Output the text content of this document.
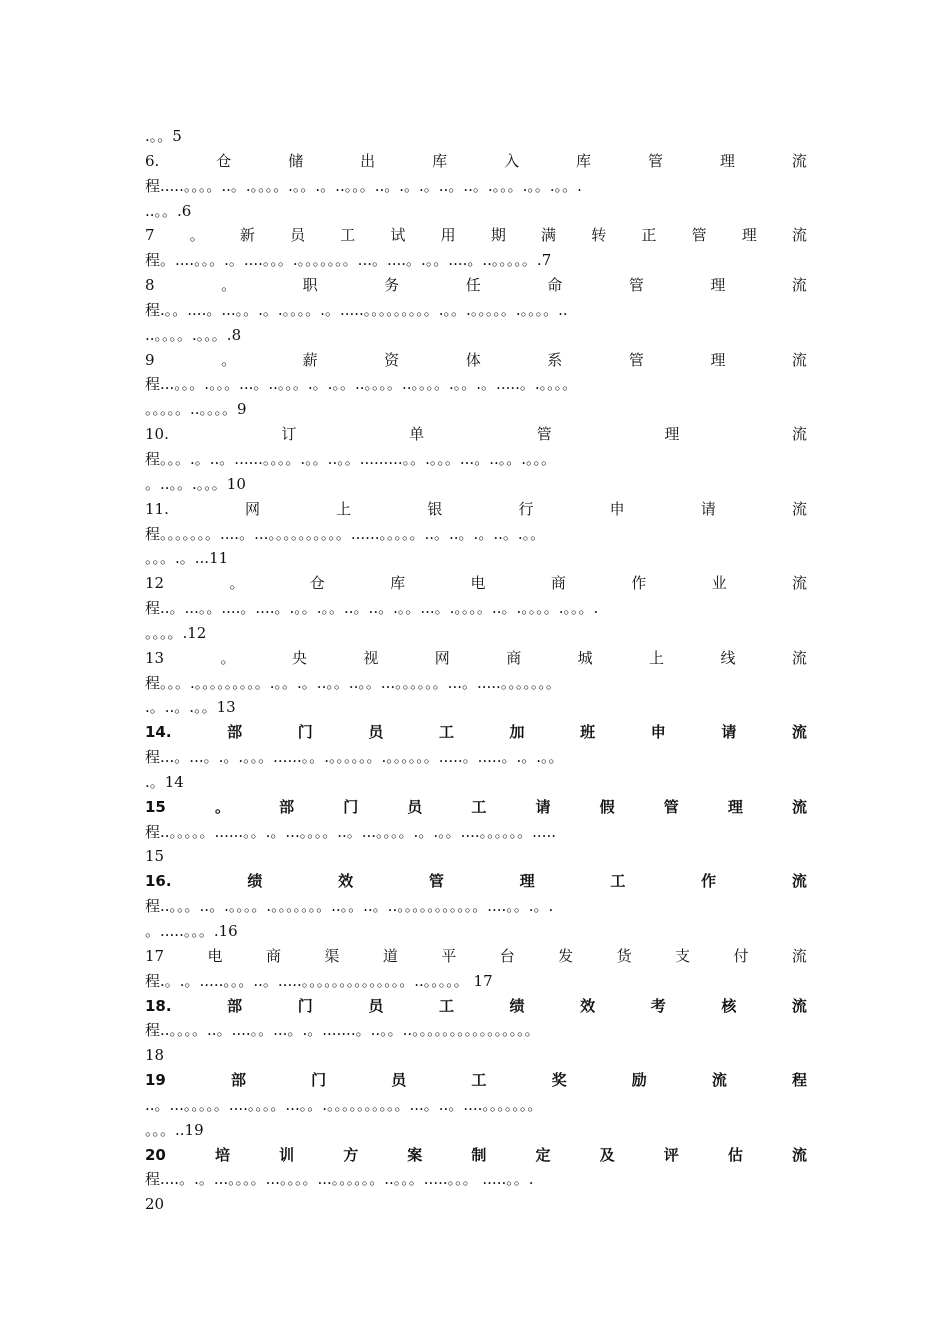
.。。5
6.	仓	储	出	库	入	库	管	理	流
程.....。。。。..。.。。。。.。。.。..。。。..。.。.。..。..。.。。。.。。.。。.
..。。.6
7 。 新 员 工 试 用 期 满 转 正 管 理 流
程。....。。。.。....。。。.。。。。。。。...。....。.。。....。..。。。。。.7
8	。	职	务	任	命	管	理	流
程.。。....。...。。.。.。。。。.。.....。。。。。。。。。.。。.。。。。。.。。。。..
..。。。。.。。。.8
9	。	薪	资	体	系	管	理	流
程...。。。.。。。...。..。。。.。.。。..。。。。..。。。。.。。.。.....。.。。。。
。。。。。..。。。。9
10.	订	单	管	理	流
程。。。.。..。......。。。。.。。..。。.........。。.。。。...。..。。.。。。
。..。。.。。。10
11.	网	上	银	行	申	请	流
程。。。。。。。....。...。。。。。。。。。。......。。。。。..。..。.。..。.。。
。。。.。...11
12	。	仓	库	电	商	作	业	流
程..。...。。....。....。.。。.。。..。..。.。。...。.。。。。..。.。。。。.。。。.
。。。。.12
13	。	央	视	网	商	城	上	线	流
程。。。.。。。。。。。。。.。。.。..。。..。。...。。。。。。...。.....。。。。。。。
.。..。.。。13
14.	部	门	员	工	加	班	申	请	流
程...。...。.。.。。。......。。.。。。。。。.。。。。。。.....。.....。.。.。。
.。14
15	。	部	门	员	工	请	假	管	理	流
程..。。。。。......。。.。...。。。。..。...。。。。.。.。。....。。。。。。.....
15
16.	绩	效	管	理	工	作	流
程..。。。..。.。。。。.。。。。。。。..。。..。..。。。。。。。。。。。....。。.。.
。.....。。。.16
17	电	商	渠	道	平	台	发	货	支	付	流
程.。.。.....。。。..。.....。。。。。。。。。。。。。。..。。。。。 17
18.	部	门	员	工	绩	效	考	核	流
程..。。。。..。....。。...。.。.......。..。。..。。。。。。。。。。。。。。。。
18
19	部	门	员	工	奖	励	流	程
..。...。。。。。....。。。。...。。.。。。。。。。。。。...。..。....。。。。。。。
。。。..19
20	培	训	方	案	制	定	及	评	估	流
程....。.。...。。。。...。。。。...。。。。。。..。。。.....。。。 .....。。.
20
